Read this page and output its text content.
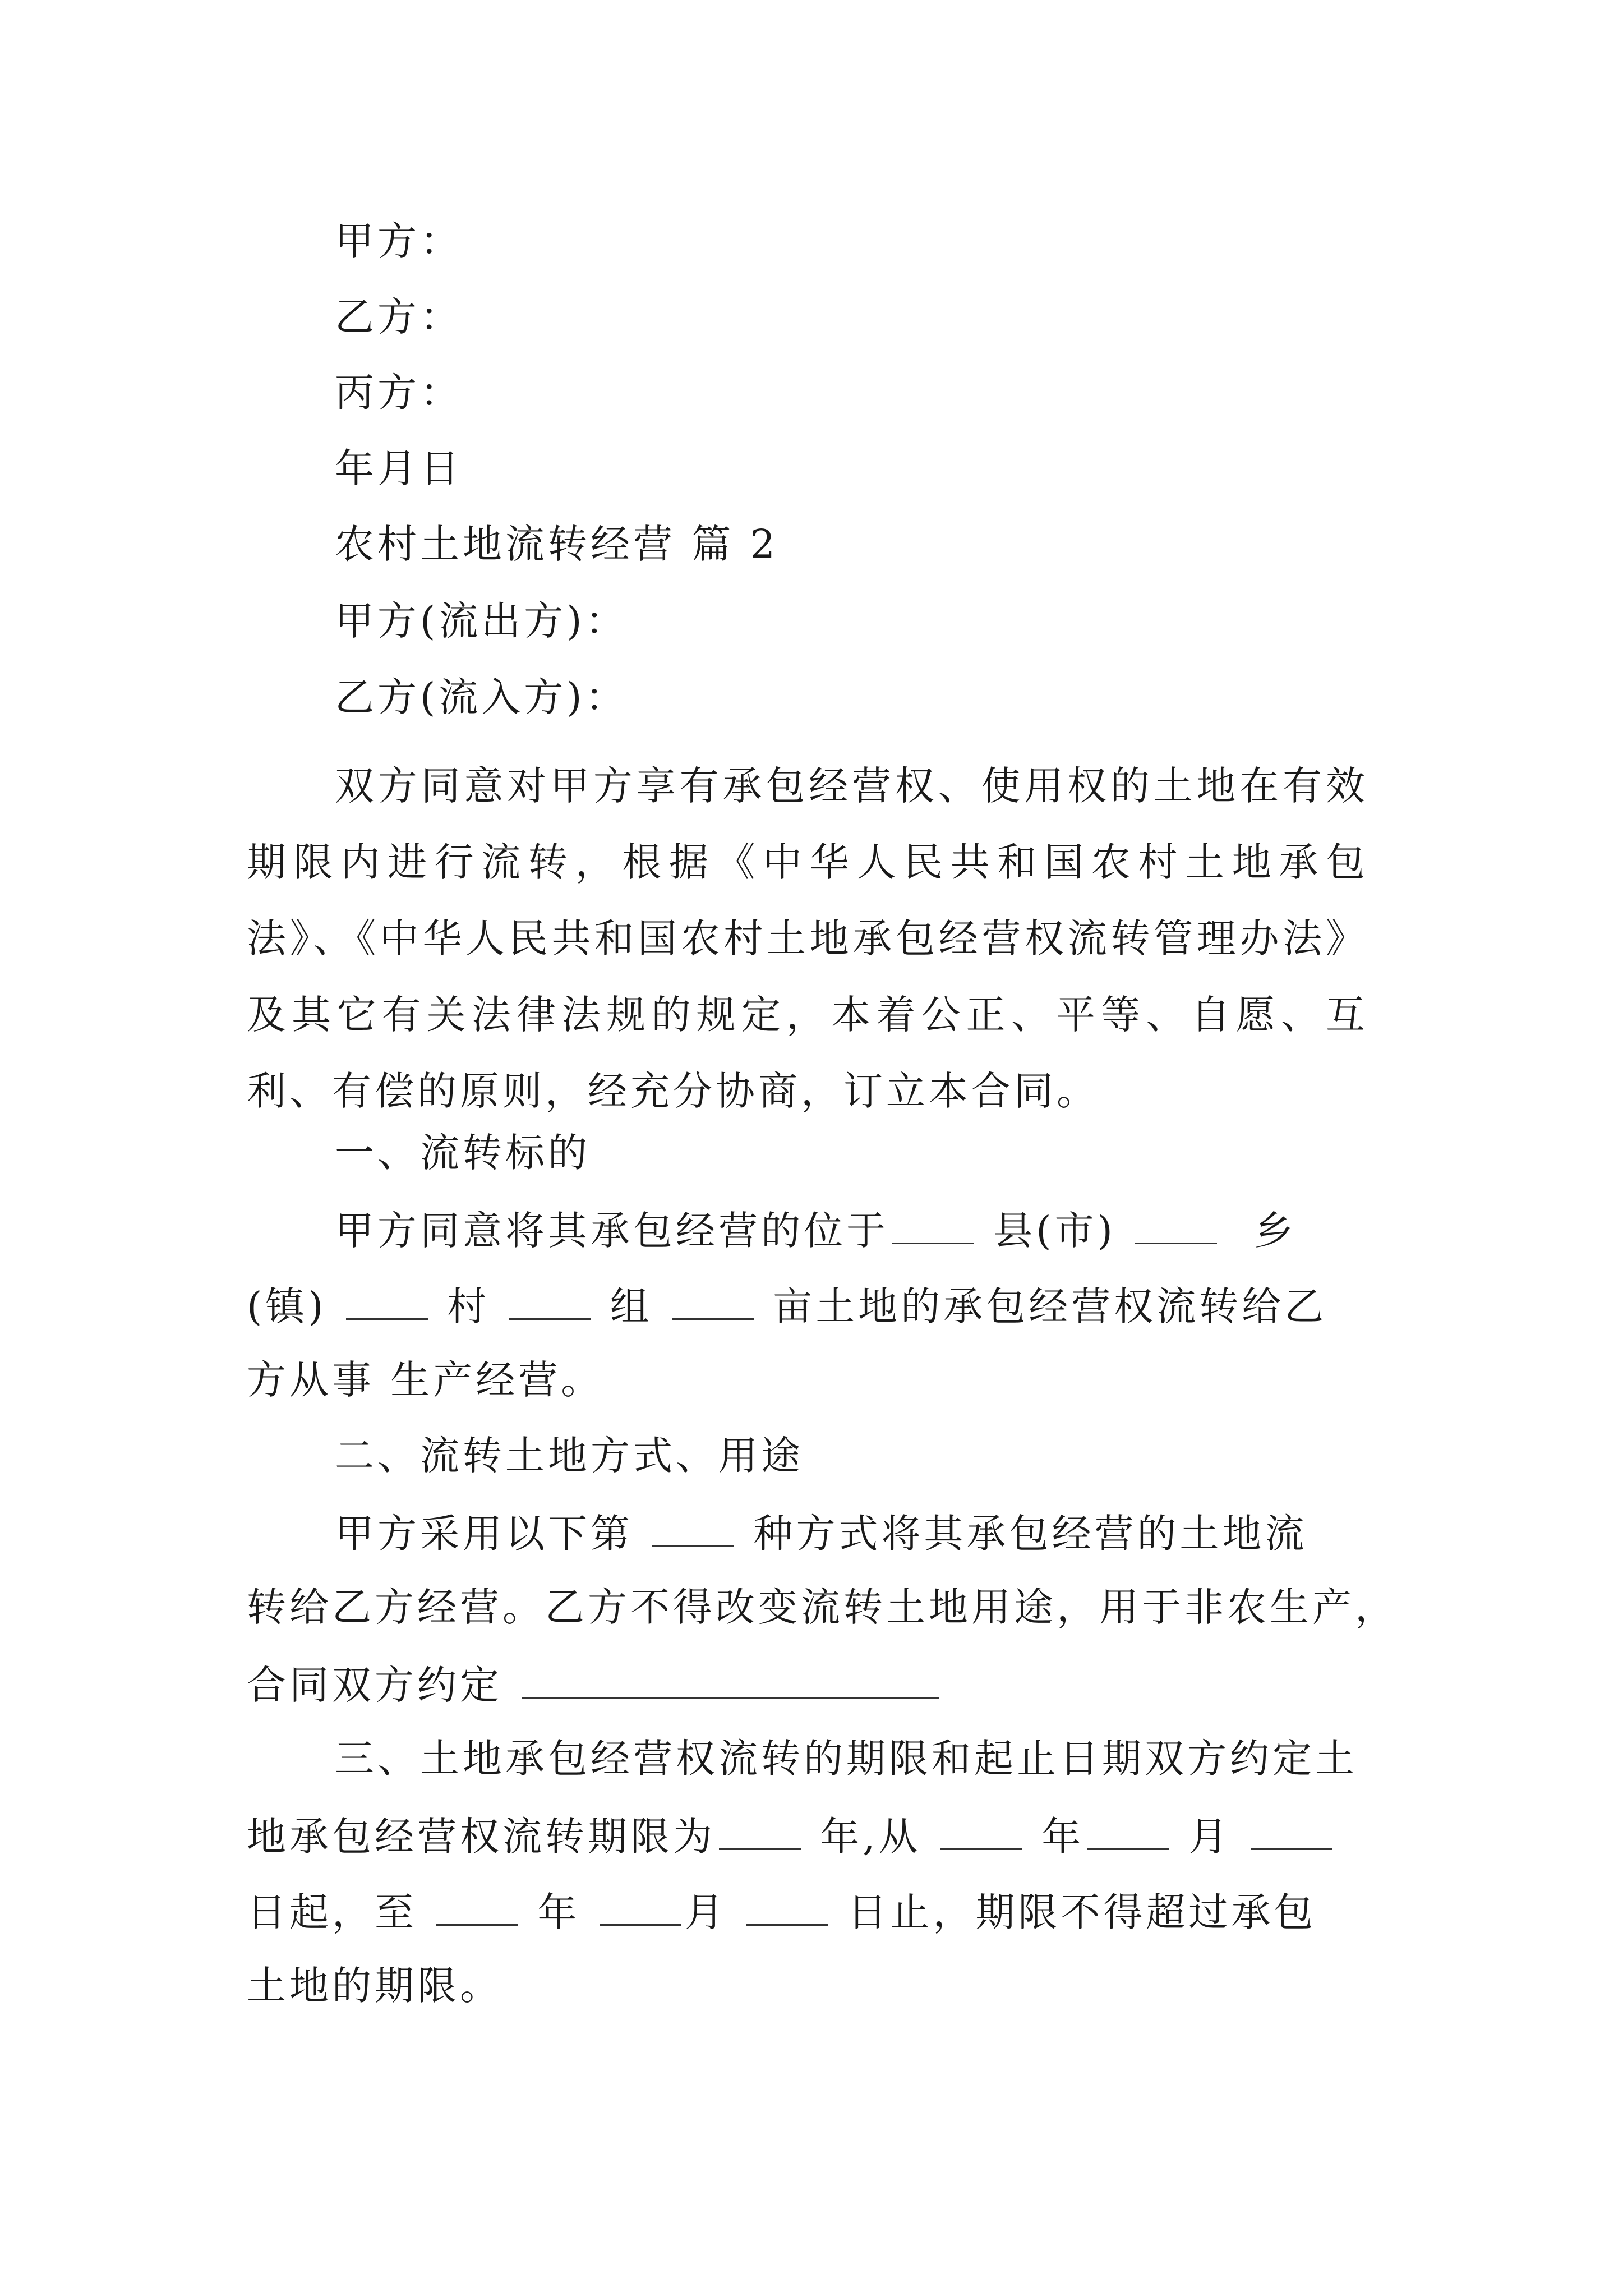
甲方：
乙方：
丙方：
年月日
农村土地流转经营 篇 2
甲方(流出方)：
乙方(流入方)：
双方同意对甲方享有承包经营权、使用权的土地在有效期限内进行流转，根据《中华人民共和国农村土地承包法》、《中华人民共和国农村土地承包经营权流转管理办法》及其它有关法律法规的规定，本着公正、平等、自愿、互利、有偿的原则，经充分协商，订立本合同。
一、流转标的
甲方同意将其承包经营的位于	县(市)	乡
(镇)	村	组	亩土地的承包经营权流转给乙
方从事 生产经营。
二、流转土地方式、用途
甲方采用以下第	种方式将其承包经营的土地流
转给乙方经营。乙方不得改变流转土地用途，用于非农生产，
合同双方约定
三、土地承包经营权流转的期限和起止日期双方约定土
地承包经营权流转期限为	年,从	年	月
日起，至	年	月	日止，期限不得超过承包
土地的期限。
